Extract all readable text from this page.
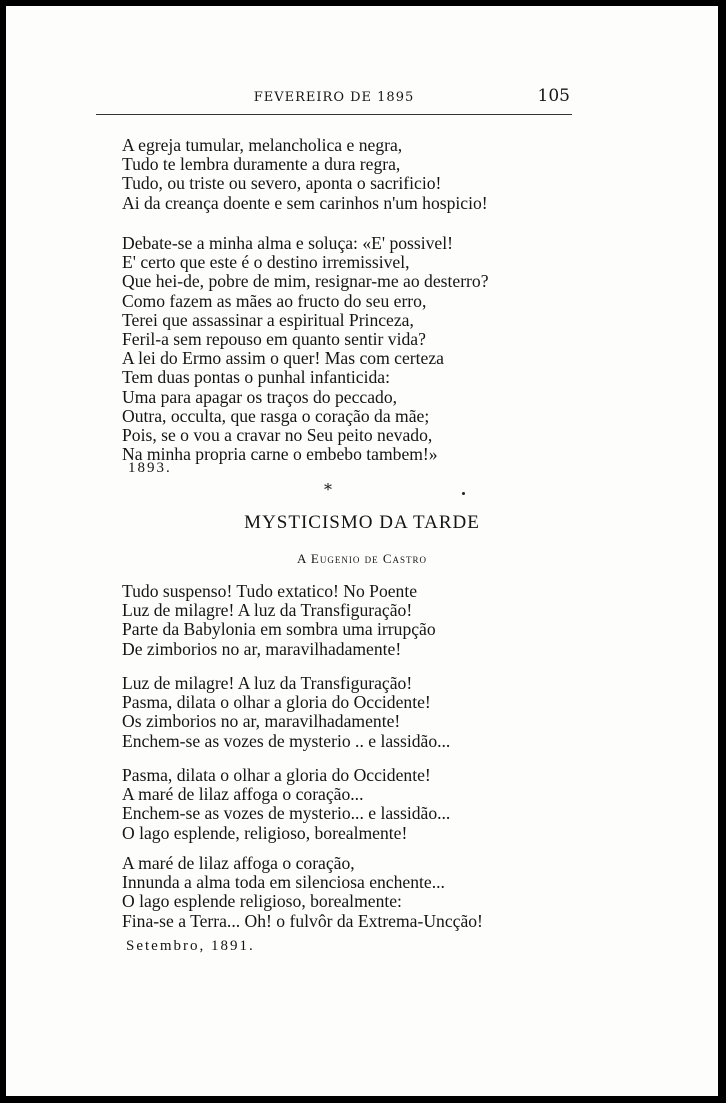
FEVEREIRO DE 1895	105
A egreja tumular, melancholica e negra,
Tudo te lembra duramente a dura regra,
Tudo, ou triste ou severo, aponta o sacrificio!
Ai da creança doente e sem carinhos n'um hospicio!
Debate-se a minha alma e soluça: «E' possivel!
E' certo que este é o destino irremissivel,
Que hei-de, pobre de mim, resignar-me ao desterro?
Como fazem as mães ao fructo do seu erro,
Terei que assassinar a espiritual Princeza,
Feril-a sem repouso em quanto sentir vida?
A lei do Ermo assim o quer! Mas com certeza
Tem duas pontas o punhal infanticida:
Uma para apagar os traços do peccado,
Outra, occulta, que rasga o coração da mãe;
Pois, se o vou a cravar no Seu peito nevado,
Na minha propria carne o embebo tambem!»
1893.
*
MYSTICISMO DA TARDE
A Eugenio de Castro
Tudo suspenso! Tudo extatico! No Poente
Luz de milagre! A luz da Transfiguração!
Parte da Babylonia em sombra uma irrupção
De zimborios no ar, maravilhadamente!
Luz de milagre! A luz da Transfiguração!
Pasma, dilata o olhar a gloria do Occidente!
Os zimborios no ar, maravilhadamente!
Enchem-se as vozes de mysterio .. e lassidão...
Pasma, dilata o olhar a gloria do Occidente!
A maré de lilaz affoga o coração...
Enchem-se as vozes de mysterio... e lassidão...
O lago esplende, religioso, borealmente!
A maré de lilaz affoga o coração,
Innunda a alma toda em silenciosa enchente...
O lago esplende religioso, borealmente:
Fina-se a Terra... Oh! o fulvôr da Extrema-Uncção!
Setembro, 1891.
